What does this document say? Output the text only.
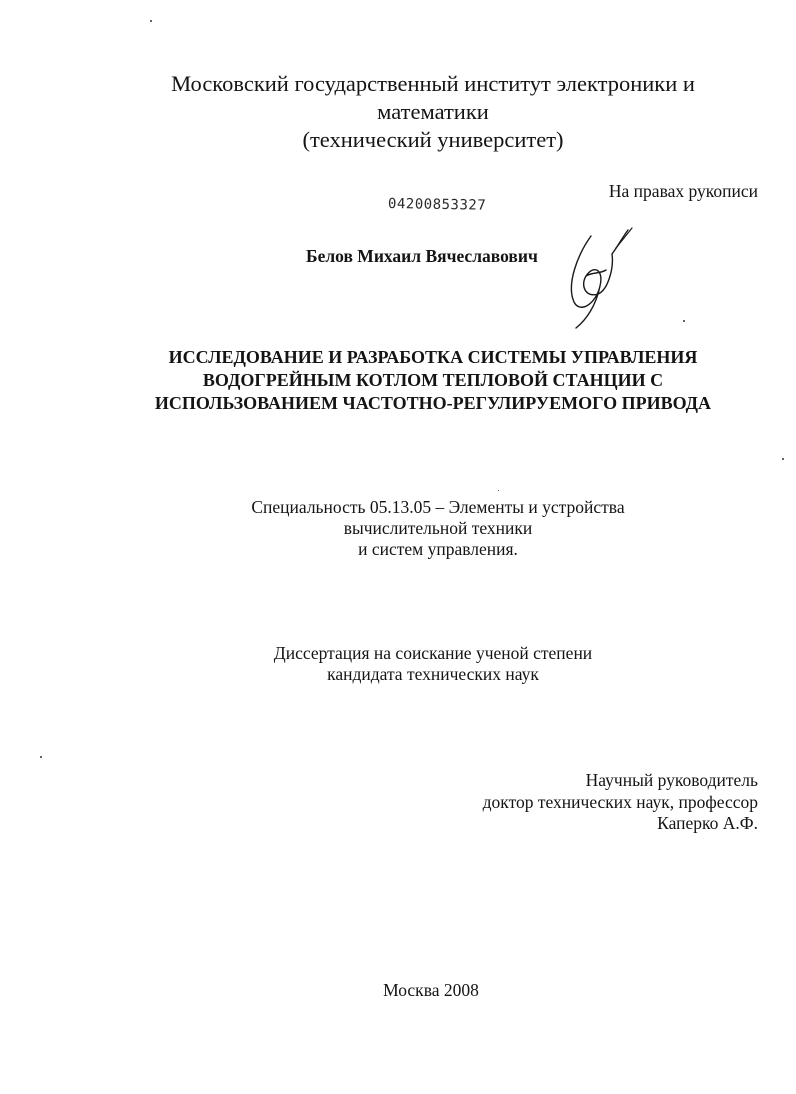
Московский государственный институт электроники и
математики
(технический университет)
На правах рукописи
04200853327
Белов Михаил Вячеславович
ИССЛЕДОВАНИЕ И РАЗРАБОТКА СИСТЕМЫ УПРАВЛЕНИЯ
ВОДОГРЕЙНЫМ КОТЛОМ ТЕПЛОВОЙ СТАНЦИИ С
ИСПОЛЬЗОВАНИЕМ ЧАСТОТНО-РЕГУЛИРУЕМОГО ПРИВОДА
Специальность 05.13.05 – Элементы и устройства
вычислительной техники
и систем управления.
Диссертация на соискание ученой степени
кандидата технических наук
Научный руководитель
доктор технических наук, профессор
Каперко А.Ф.
Москва 2008
